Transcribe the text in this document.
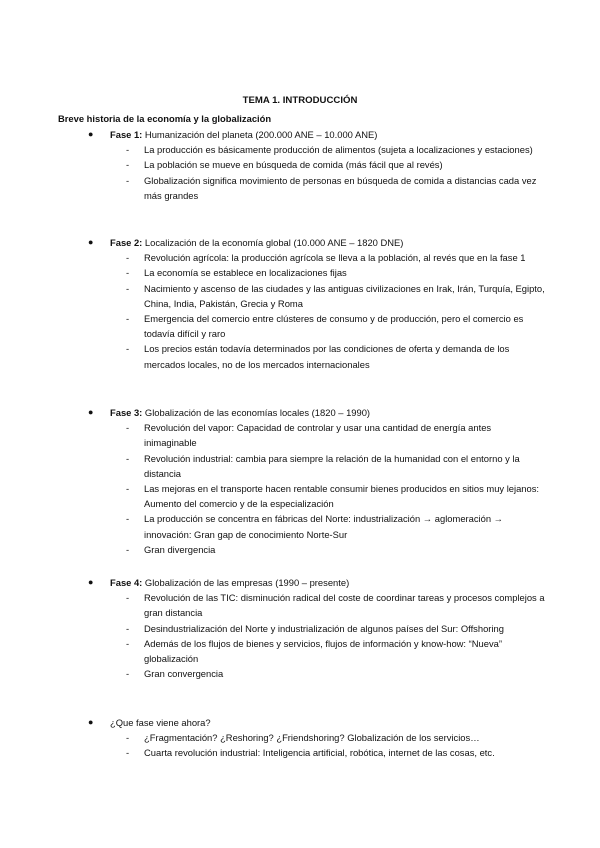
TEMA 1. INTRODUCCIÓN
Breve historia de la economía y la globalización
● Fase 1: Humanización del planeta (200.000 ANE – 10.000 ANE)
- La producción es básicamente producción de alimentos (sujeta a localizaciones y estaciones)
- La población se mueve en búsqueda de comida (más fácil que al revés)
- Globalización significa movimiento de personas en búsqueda de comida a distancias cada vez más grandes
● Fase 2: Localización de la economía global (10.000 ANE – 1820 DNE)
- Revolución agrícola: la producción agrícola se lleva a la población, al revés que en la fase 1
- La economía se establece en localizaciones fijas
- Nacimiento y ascenso de las ciudades y las antiguas civilizaciones en Irak, Irán, Turquía, Egipto, China, India, Pakistán, Grecia y Roma
- Emergencia del comercio entre clústeres de consumo y de producción, pero el comercio es todavía difícil y raro
- Los precios están todavía determinados por las condiciones de oferta y demanda de los mercados locales, no de los mercados internacionales
● Fase 3: Globalización de las economías locales (1820 – 1990)
- Revolución del vapor: Capacidad de controlar y usar una cantidad de energía antes inimaginable
- Revolución industrial: cambia para siempre la relación de la humanidad con el entorno y la distancia
- Las mejoras en el transporte hacen rentable consumir bienes producidos en sitios muy lejanos: Aumento del comercio y de la especialización
- La producción se concentra en fábricas del Norte: industrialización → aglomeración → innovación: Gran gap de conocimiento Norte-Sur
- Gran divergencia
● Fase 4: Globalización de las empresas (1990 – presente)
- Revolución de las TIC: disminución radical del coste de coordinar tareas y procesos complejos a gran distancia
- Desindustrialización del Norte y industrialización de algunos países del Sur: Offshoring
- Además de los flujos de bienes y servicios, flujos de información y know-how: “Nueva” globalización
- Gran convergencia
● ¿Que fase viene ahora?
- ¿Fragmentación? ¿Reshoring? ¿Friendshoring? Globalización de los servicios…
- Cuarta revolución industrial: Inteligencia artificial, robótica, internet de las cosas, etc.
